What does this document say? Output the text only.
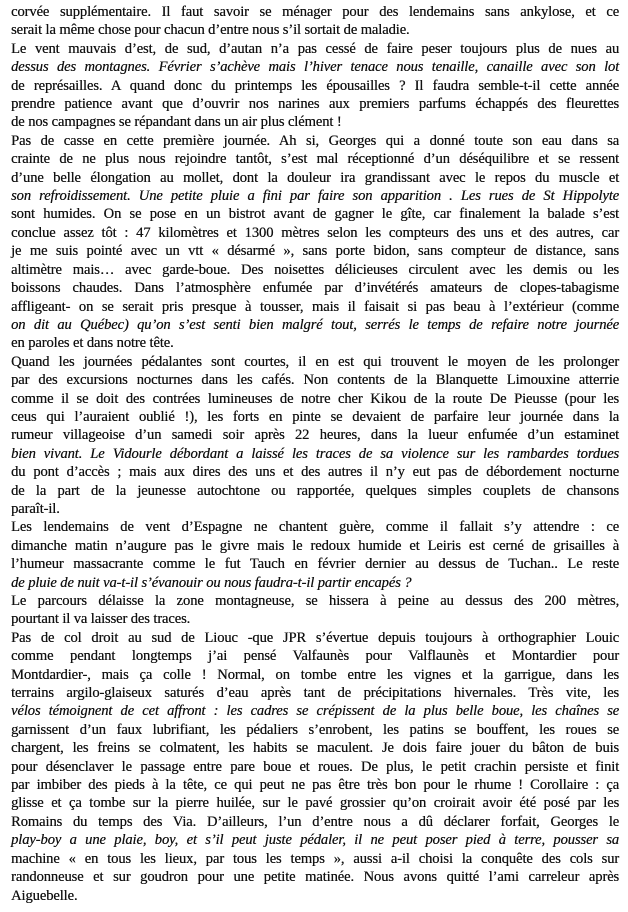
corvée supplémentaire. Il faut savoir se ménager pour des lendemains sans ankylose, et ce
serait la même chose pour chacun d’entre nous s’il sortait de maladie.
Le vent mauvais d’est, de sud, d’autan n’a pas cessé de faire peser toujours plus de nues au
dessus des montagnes. Février s’achève mais l’hiver tenace nous tenaille, canaille avec son lot
de représailles. A quand donc du printemps les épousailles ? Il faudra semble-t-il cette année
prendre patience avant que d’ouvrir nos narines aux premiers parfums échappés des fleurettes
de nos campagnes se répandant dans un air plus clément !
Pas de casse en cette première journée. Ah si, Georges qui a donné toute son eau dans sa
crainte de ne plus nous rejoindre tantôt, s’est mal réceptionné d’un déséquilibre et se ressent
d’une belle élongation au mollet, dont la douleur ira grandissant avec le repos du muscle et
son refroidissement. Une petite pluie a fini par faire son apparition . Les rues de St Hippolyte
sont humides. On se pose en un bistrot avant de gagner le gîte, car finalement la balade s’est
conclue assez tôt : 47 kilomètres et 1300 mètres selon les compteurs des uns et des autres, car
je me suis pointé avec un vtt « désarmé », sans porte bidon, sans compteur de distance, sans
altimètre mais… avec garde-boue. Des noisettes délicieuses circulent avec les demis ou les
boissons chaudes. Dans l’atmosphère enfumée par d’invétérés amateurs de clopes-tabagisme
affligeant- on se serait pris presque à tousser, mais il faisait si pas beau à l’extérieur (comme
on dit au Québec) qu’on s’est senti bien malgré tout, serrés le temps de refaire notre journée
en paroles et dans notre tête.
Quand les journées pédalantes sont courtes, il en est qui trouvent le moyen de les prolonger
par des excursions nocturnes dans les cafés. Non contents de la Blanquette Limouxine atterrie
comme il se doit des contrées lumineuses de notre cher Kikou de la route De Pieusse (pour les
ceus qui l’auraient oublié !), les forts en pinte se devaient de parfaire leur journée dans la
rumeur villageoise d’un samedi soir après 22 heures, dans la lueur enfumée d’un estaminet
bien vivant. Le Vidourle débordant a laissé les traces de sa violence sur les rambardes tordues
du pont d’accès ; mais aux dires des uns et des autres il n’y eut pas de débordement nocturne
de la part de la jeunesse autochtone ou rapportée, quelques simples couplets de chansons
paraît-il.
Les lendemains de vent d’Espagne ne chantent guère, comme il fallait s’y attendre : ce
dimanche matin n’augure pas le givre mais le redoux humide et Leiris est cerné de grisailles à
l’humeur massacrante comme le fut Tauch en février dernier au dessus de Tuchan.. Le reste
de pluie de nuit va-t-il s’évanouir ou nous faudra-t-il partir encapés ?
Le parcours délaisse la zone montagneuse, se hissera à peine au dessus des 200 mètres,
pourtant il va laisser des traces.
Pas de col droit au sud de Liouc -que JPR s’évertue depuis toujours à orthographier Louic
comme pendant longtemps j’ai pensé Valfaunès pour Valflaunès et Montardier pour
Montdardier-, mais ça colle ! Normal, on tombe entre les vignes et la garrigue, dans les
terrains argilo-glaiseux saturés d’eau après tant de précipitations hivernales. Très vite, les
vélos témoignent de cet affront : les cadres se crépissent de la plus belle boue, les chaînes se
garnissent d’un faux lubrifiant, les pédaliers s’enrobent, les patins se bouffent, les roues se
chargent, les freins se colmatent, les habits se maculent. Je dois faire jouer du bâton de buis
pour désenclaver le passage entre pare boue et roues. De plus, le petit crachin persiste et finit
par imbiber des pieds à la tête, ce qui peut ne pas être très bon pour le rhume ! Corollaire : ça
glisse et ça tombe sur la pierre huilée, sur le pavé grossier qu’on croirait avoir été posé par les
Romains du temps des Via. D’ailleurs, l’un d’entre nous a dû déclarer forfait, Georges le
play-boy a une plaie, boy, et s’il peut juste pédaler, il ne peut poser pied à terre, pousser sa
machine « en tous les lieux, par tous les temps », aussi a-il choisi la conquête des cols sur
randonneuse et sur goudron pour une petite matinée. Nous avons quitté l’ami carreleur après
Aiguebelle.
